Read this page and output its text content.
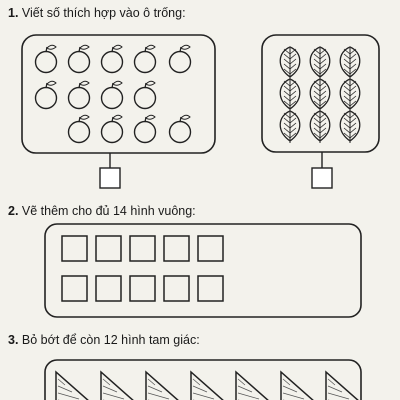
1. Viết số thích hợp vào ô trống:
2. Vẽ thêm cho đủ 14 hình vuông:
3. Bỏ bớt để còn 12 hình tam giác:
